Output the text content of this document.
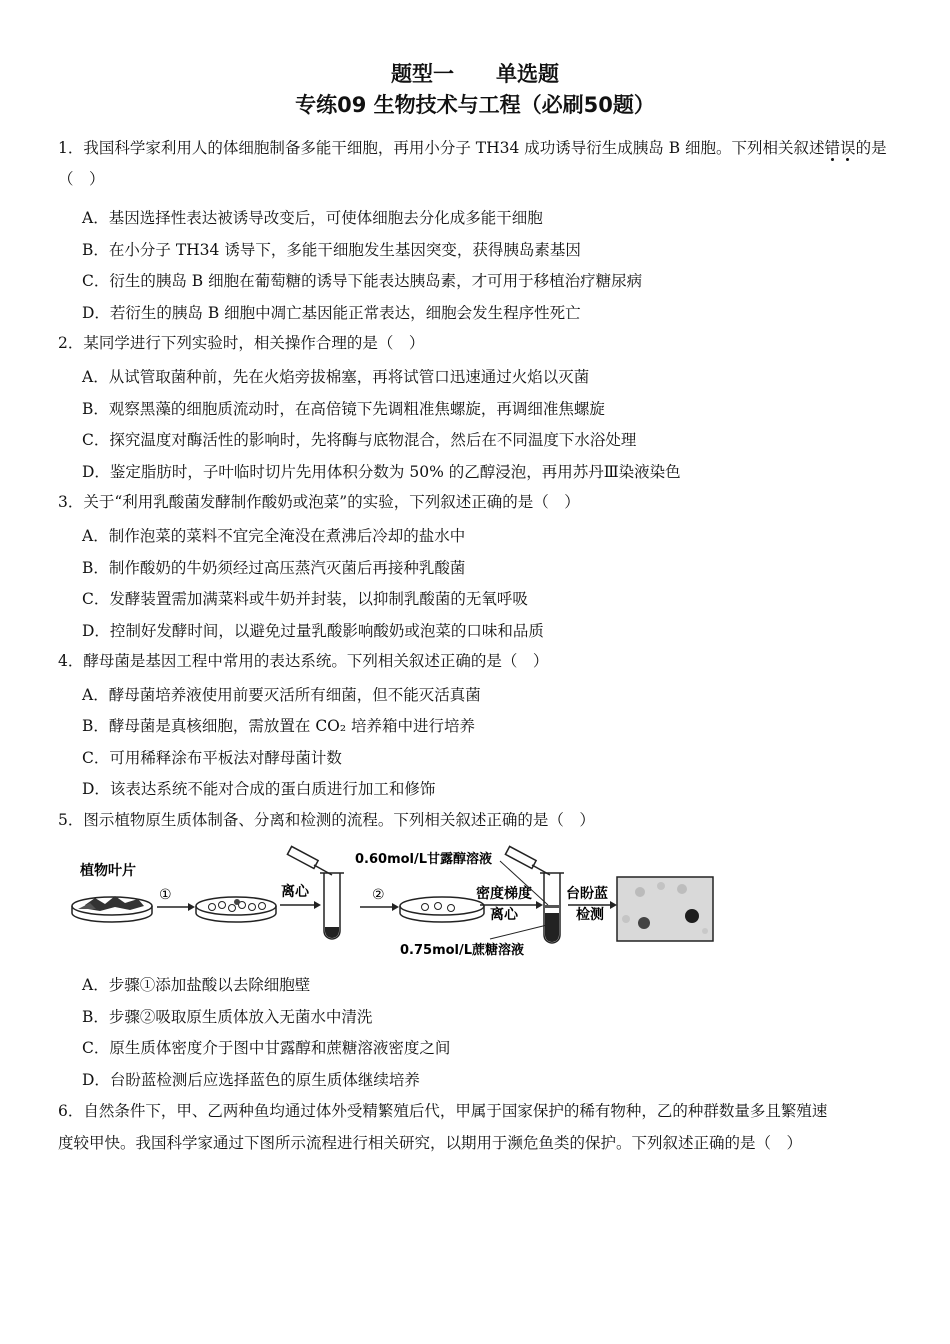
题型一　　单选题
专练09 生物技术与工程（必刷50题）
1．我国科学家利用人的体细胞制备多能干细胞，再用小分子 TH34 成功诱导衍生成胰岛 B 细胞。下列相关叙述错误的是（　）
A．基因选择性表达被诱导改变后，可使体细胞去分化成多能干细胞
B．在小分子 TH34 诱导下，多能干细胞发生基因突变，获得胰岛素基因
C．衍生的胰岛 B 细胞在葡萄糖的诱导下能表达胰岛素，才可用于移植治疗糖尿病
D．若衍生的胰岛 B 细胞中凋亡基因能正常表达，细胞会发生程序性死亡
2．某同学进行下列实验时，相关操作合理的是（　）
A．从试管取菌种前，先在火焰旁拔棉塞，再将试管口迅速通过火焰以灭菌
B．观察黑藻的细胞质流动时，在高倍镜下先调粗准焦螺旋，再调细准焦螺旋
C．探究温度对酶活性的影响时，先将酶与底物混合，然后在不同温度下水浴处理
D．鉴定脂肪时，子叶临时切片先用体积分数为 50% 的乙醇浸泡，再用苏丹Ⅲ染液染色
3．关于“利用乳酸菌发酵制作酸奶或泡菜”的实验，下列叙述正确的是（　）
A．制作泡菜的菜料不宜完全淹没在煮沸后冷却的盐水中
B．制作酸奶的牛奶须经过高压蒸汽灭菌后再接种乳酸菌
C．发酵装置需加满菜料或牛奶并封装，以抑制乳酸菌的无氧呼吸
D．控制好发酵时间，以避免过量乳酸影响酸奶或泡菜的口味和品质
4．酵母菌是基因工程中常用的表达系统。下列相关叙述正确的是（　）
A．酵母菌培养液使用前要灭活所有细菌，但不能灭活真菌
B．酵母菌是真核细胞，需放置在 CO₂ 培养箱中进行培养
C．可用稀释涂布平板法对酵母菌计数
D．该表达系统不能对合成的蛋白质进行加工和修饰
5．图示植物原生质体制备、分离和检测的流程。下列相关叙述正确的是（　）
植物叶片
①	离心	②
0.60mol/L甘露醇溶液
密度梯度
离心
0.75mol/L蔗糖溶液
台盼蓝
检测
A．步骤①添加盐酸以去除细胞壁
B．步骤②吸取原生质体放入无菌水中清洗
C．原生质体密度介于图中甘露醇和蔗糖溶液密度之间
D．台盼蓝检测后应选择蓝色的原生质体继续培养
6．自然条件下，甲、乙两种鱼均通过体外受精繁殖后代，甲属于国家保护的稀有物种，乙的种群数量多且繁殖速
度较甲快。我国科学家通过下图所示流程进行相关研究，以期用于濒危鱼类的保护。下列叙述正确的是（　）
